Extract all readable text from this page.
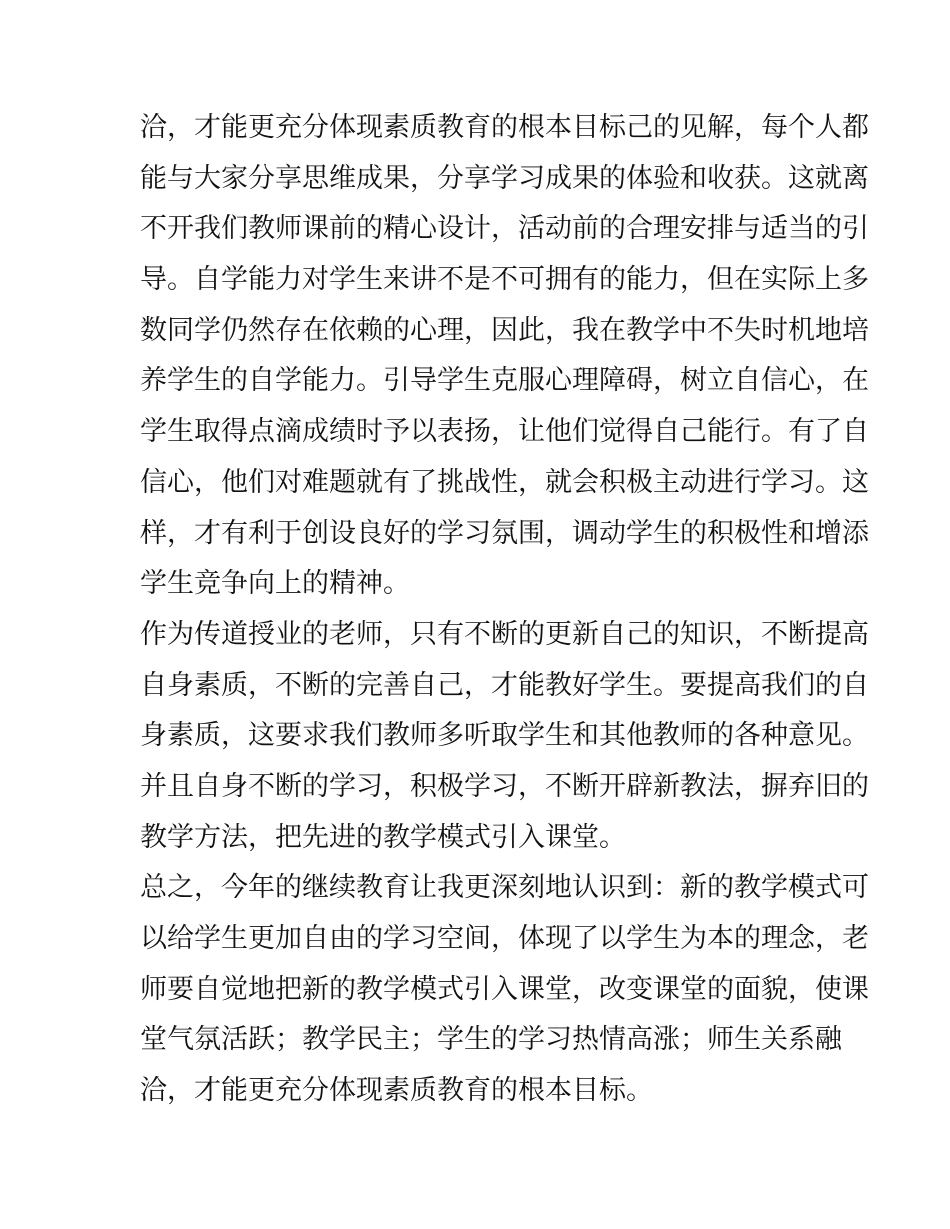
洽，才能更充分体现素质教育的根本目标己的见解，每个人都
能与大家分享思维成果，分享学习成果的体验和收获。这就离
不开我们教师课前的精心设计，活动前的合理安排与适当的引
导。自学能力对学生来讲不是不可拥有的能力，但在实际上多
数同学仍然存在依赖的心理，因此，我在教学中不失时机地培
养学生的自学能力。引导学生克服心理障碍，树立自信心，在
学生取得点滴成绩时予以表扬，让他们觉得自己能行。有了自
信心，他们对难题就有了挑战性，就会积极主动进行学习。这
样，才有利于创设良好的学习氛围，调动学生的积极性和增添
学生竞争向上的精神。
作为传道授业的老师，只有不断的更新自己的知识，不断提高
自身素质，不断的完善自己，才能教好学生。要提高我们的自
身素质，这要求我们教师多听取学生和其他教师的各种意见。
并且自身不断的学习，积极学习，不断开辟新教法，摒弃旧的
教学方法，把先进的教学模式引入课堂。
总之，今年的继续教育让我更深刻地认识到：新的教学模式可
以给学生更加自由的学习空间，体现了以学生为本的理念，老
师要自觉地把新的教学模式引入课堂，改变课堂的面貌，使课
堂气氛活跃；教学民主；学生的学习热情高涨；师生关系融
洽，才能更充分体现素质教育的根本目标。
